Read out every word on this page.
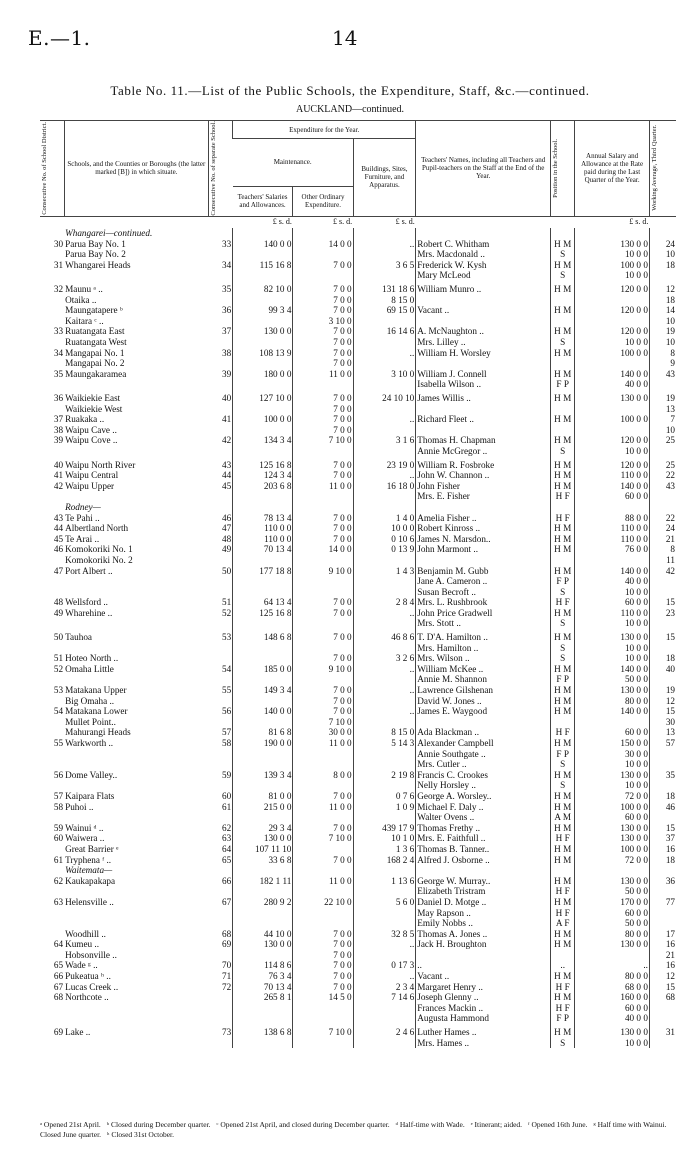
E.—1.	14
Table No. 11.—List of the Public Schools, the Expenditure, Staff, &c.—continued.
AUCKLAND—continued.
Consecutive No. of School District.	Schools, and the Counties or Boroughs (the latter marked [B]) in which situate.	Consecutive No. of separate School.	Expenditure for the Year.			Teachers' Names, including all Teachers and Pupil-teachers on the Staff at the End of the Year.	Position in the School.	Annual Salary and Allowance at the Rate paid during the Last Quarter of the Year.	Working Average, Third Quarter.

			Maintenance.		Buildings, Sites, Furniture, and Apparatus.				
			Teachers' Salaries and Allowances.	Other Ordinary Expenditure.					
			£ s. d.	£ s. d.	£ s. d.			£ s. d.	
	Whangarei—continued.								
30	Parua Bay No. 1	33	140 0 0	14 0 0	..	Robert C. Whitham	H M	130 0 0	24
	Parua Bay No. 2					Mrs. Macdonald ..	S	10 0 0	10
31	Whangarei Heads	34	115 16 8	7 0 0	3 6 5	Frederick W. Kysh	H M	100 0 0	18
						Mary McLeod	S	10 0 0	
32	Maunu ᵃ ..	35	82 10 0	7 0 0	131 18 6	William Munro ..	H M	120 0 0	12
	Otaika ..			7 0 0	8 15 0				18
	Maungatapere ᵇ	36	99 3 4	7 0 0	69 15 0	Vacant ..	H M	120 0 0	14
	Kaitara ᶜ ..			3 10 0					10
33	Ruatangata East	37	130 0 0	7 0 0	16 14 6	A. McNaughton ..	H M	120 0 0	19
	Ruatangata West			7 0 0		Mrs. Lilley ..	S	10 0 0	10
34	Mangapai No. 1	38	108 13 9	7 0 0	..	William H. Worsley	H M	100 0 0	8
	Mangapai No. 2			7 0 0					9
35	Maungakaramea	39	180 0 0	11 0 0	3 10 0	William J. Connell	H M	140 0 0	43
						Isabella Wilson ..	F P	40 0 0	
36	Waikiekie East	40	127 10 0	7 0 0	24 10 10	James Willis ..	H M	130 0 0	19
	Waikiekie West			7 0 0					13
37	Ruakaka ..	41	100 0 0	7 0 0	..	Richard Fleet ..	H M	100 0 0	7
38	Waipu Cave ..			7 0 0					10
39	Waipu Cove ..	42	134 3 4	7 10 0	3 1 6	Thomas H. Chapman	H M	120 0 0	25
						Annie McGregor ..	S	10 0 0	
40	Waipu North River	43	125 16 8	7 0 0	23 19 0	William R. Fosbroke	H M	120 0 0	25
41	Waipu Central	44	124 3 4	7 0 0	..	John W. Channon ..	H M	110 0 0	22
42	Waipu Upper	45	203 6 8	11 0 0	16 18 0	John Fisher	H M	140 0 0	43
						Mrs. E. Fisher	H F	60 0 0	
	Rodney—								
43	Te Pahi ..	46	78 13 4	7 0 0	1 4 0	Amelia Fisher ..	H F	88 0 0	22
44	Albertland North	47	110 0 0	7 0 0	10 0 0	Robert Kinross ..	H M	110 0 0	24
45	Te Arai ..	48	110 0 0	7 0 0	0 10 6	James N. Marsdon..	H M	110 0 0	21
46	Komokoriki No. 1	49	70 13 4	14 0 0	0 13 9	John Marmont ..	H M	76 0 0	8
	Komokoriki No. 2								11
47	Port Albert ..	50	177 18 8	9 10 0	1 4 3	Benjamin M. Gubb	H M	140 0 0	42
						Jane A. Cameron ..	F P	40 0 0	
						Susan Becroft ..	S	10 0 0	
48	Wellsford ..	51	64 13 4	7 0 0	2 8 4	Mrs. L. Rushbrook	H F	60 0 0	15
49	Wharehine ..	52	125 16 8	7 0 0	..	John Price Gradwell	H M	110 0 0	23
						Mrs. Stott ..	S	10 0 0	
50	Tauhoa	53	148 6 8	7 0 0	46 8 6	T. D'A. Hamilton ..	H M	130 0 0	15
						Mrs. Hamilton ..	S	10 0 0	
51	Hoteo North ..			7 0 0	3 2 6	Mrs. Wilson ..	S	10 0 0	18
52	Omaha Little	54	185 0 0	9 10 0	..	William McKee ..	H M	140 0 0	40
						Annie M. Shannon	F P	50 0 0	
53	Matakana Upper	55	149 3 4	7 0 0	..	Lawrence Gilshenan	H M	130 0 0	19
	Big Omaha ..			7 0 0		David W. Jones ..	H M	80 0 0	12
54	Matakana Lower	56	140 0 0	7 0 0	..	James E. Waygood	H M	140 0 0	15
	Mullet Point..			7 10 0					30
	Mahurangi Heads	57	81 6 8	30 0 0	8 15 0	Ada Blackman ..	H F	60 0 0	13
55	Warkworth ..	58	190 0 0	11 0 0	5 14 3	Alexander Campbell	H M	150 0 0	57
						Annie Southgate ..	F P	30 0 0	
						Mrs. Cutler ..	S	10 0 0	
56	Dome Valley..	59	139 3 4	8 0 0	2 19 8	Francis C. Crookes	H M	130 0 0	35
						Nelly Horsley ..	S	10 0 0	
57	Kaipara Flats	60	81 0 0	7 0 0	0 7 6	George A. Worsley..	H M	72 0 0	18
58	Puhoi ..	61	215 0 0	11 0 0	1 0 9	Michael F. Daly ..	H M	100 0 0	46
						Walter Ovens ..	A M	60 0 0	
59	Wainui ᵈ ..	62	29 3 4	7 0 0	439 17 9	Thomas Frethy ..	H M	130 0 0	15
60	Waiwera ..	63	130 0 0	7 10 0	10 1 0	Mrs. E. Faithfull ..	H F	130 0 0	37
	Great Barrier ᵉ	64	107 11 10		1 3 6	Thomas B. Tanner..	H M	100 0 0	16
61	Tryphena ᶠ ..	65	33 6 8	7 0 0	168 2 4	Alfred J. Osborne ..	H M	72 0 0	18
	Waitemata—								
62	Kaukapakapa	66	182 1 11	11 0 0	1 13 6	George W. Murray..	H M	130 0 0	36
						Elizabeth Tristram	H F	50 0 0	
63	Helensville ..	67	280 9 2	22 10 0	5 6 0	Daniel D. Motge ..	H M	170 0 0	77
						May Rapson ..	H F	60 0 0	
						Emily Nobbs ..	A F	50 0 0	
	Woodhill ..	68	44 10 0	7 0 0	32 8 5	Thomas A. Jones ..	H M	80 0 0	17
64	Kumeu ..	69	130 0 0	7 0 0	..	Jack H. Broughton	H M	130 0 0	16
	Hobsonville ..			7 0 0					21
65	Wade ᵍ ..	70	114 8 6	7 0 0	0 17 3	..	..	..	16
66	Pukeatua ʰ ..	71	76 3 4	7 0 0	..	Vacant ..	H M	80 0 0	12
67	Lucas Creek ..	72	70 13 4	7 0 0	2 3 4	Margaret Henry ..	H F	68 0 0	15
68	Northcote ..		265 8 1	14 5 0	7 14 6	Joseph Glenny ..	H M	160 0 0	68
						Frances Mackin ..	H F	60 0 0	
						Augusta Hammond	F P	40 0 0	
69	Lake ..	73	138 6 8	7 10 0	2 4 6	Luther Hames ..	H M	130 0 0	31
						Mrs. Hames ..	S	10 0 0	
ᵃ Opened 21st April. ᵇ Closed during December quarter. ᶜ Opened 21st April, and closed during December quarter. ᵈ Half-time with Wade. ᵉ Itinerant; aided. ᶠ Opened 16th June. ᵍ Half time with Wainui. Closed June quarter. ʰ Closed 31st October.
